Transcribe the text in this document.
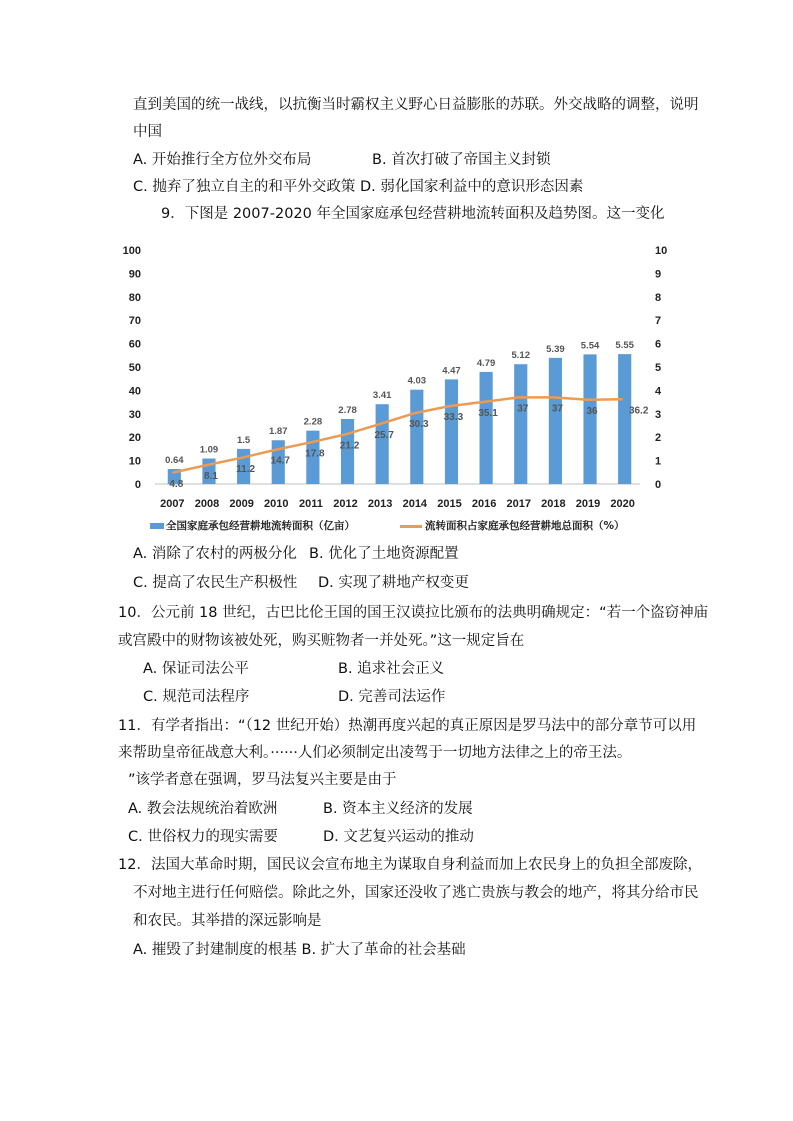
直到美国的统一战线，以抗衡当时霸权主义野心日益膨胀的苏联。外交战略的调整，说明
中国
A. 开始推行全方位外交布局	B. 首次打破了帝国主义封锁
C. 抛弃了独立自主的和平外交政策 D. 弱化国家利益中的意识形态因素
9．下图是 2007-2020 年全国家庭承包经营耕地流转面积及趋势图。这一变化
0
10
20
30
40
50
60
70
80
90
100
0
1
2
3
4
5
6
7
8
9
10
0.64
1.09
1.5
1.87
2.28
2.78
3.41
4.03
4.47
4.79
5.12
5.39 5.54 5.55
4.8
8.1
11.2
14.7
17.8
21.2
25.7
30.3
33.3 35.1 37 37 36	36.2
2007 2008 2009 2010 2011 2012 2013 2014 2015 2016 2017 2018 2019 2020
全国家庭承包经营耕地流转面积（亿亩）	流转面积占家庭承包经营耕地总面积（%）
A. 消除了农村的两极分化 B. 优化了土地资源配置
C. 提高了农民生产积极性 D. 实现了耕地产权变更
10．公元前 18 世纪，古巴比伦王国的国王汉谟拉比颁布的法典明确规定：“若一个盗窃神庙
或宫殿中的财物该被处死，购买赃物者一并处死。”这一规定旨在
A. 保证司法公平	B. 追求社会正义
C. 规范司法程序	D. 完善司法运作
11．有学者指出：“（12 世纪开始）热潮再度兴起的真正原因是罗马法中的部分章节可以用
来帮助皇帝征战意大利。······人们必须制定出凌驾于一切地方法律之上的帝王法。
”该学者意在强调，罗马法复兴主要是由于
A. 教会法规统治着欧洲	B. 资本主义经济的发展
C. 世俗权力的现实需要	D. 文艺复兴运动的推动
12．法国大革命时期，国民议会宣布地主为谋取自身利益而加上农民身上的负担全部废除，
不对地主进行任何赔偿。除此之外，国家还没收了逃亡贵族与教会的地产，将其分给市民
和农民。其举措的深远影响是
A. 摧毁了封建制度的根基 B. 扩大了革命的社会基础
